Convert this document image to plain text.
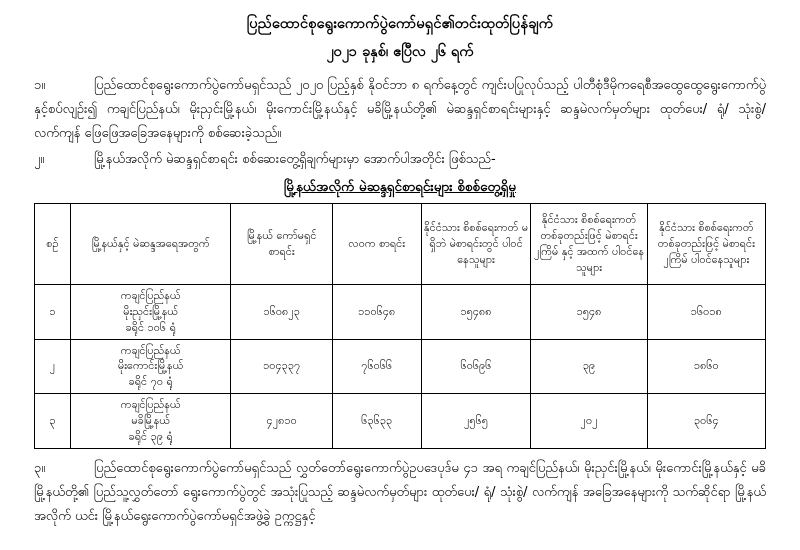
ပြည်ထောင်စုရွေးကောက်ပွဲကော်မရှင်၏တင်းထုတ်ပြန်ချက်
၂၀၂၁ ခုနှစ်၊ ဧပြီလ ၂၆ ရက်

၁။	ပြည်ထောင်စုရွေးကောက်ပွဲကော်မရှင်သည် ၂၀၂၀ ပြည့်နှစ် နိုဝင်ဘာ ၈ ရက်နေ့တွင် ကျင်းပပြုလုပ်သည့် ပါတီစုံဒီမိုကရေစီအထွေထွေရွေးကောက်ပွဲနှင့်စပ်လျဉ်း၍ ကချင်ပြည်နယ်၊ မိုးညှင်းမြို့နယ်၊ မိုးကောင်းမြို့နယ်နှင့် မခိမြို့နယ်တို့၏ မဲဆန္ဒရှင်စာရင်းများနှင့် ဆန္ဒမဲလက်မှတ်များ ထုတ်ပေး/ ရုံ/ သုံးစွဲ/ လက်ကျန် ဖြေဖြေအခြေအနေများကို စစ်ဆေးခဲ့သည်။

၂။	မြို့နယ်အလိုက် မဲဆန္ဒရှင်စာရင်း စစ်ဆေးတွေ့ရှိချက်များမှာ အောက်ပါအတိုင်း ဖြစ်သည်-

မြို့နယ်အလိုက် မဲဆန္ဒရှင်စာရင်းများ စိစစ်တွေ့ရှိမှု
စဉ်	မြို့နယ်နှင့် မဲဆန္ဒအရေအတွက်	မြို့နယ် ကော်မရှင် စာရင်း	လဝက စာရင်း	နိုင်ငံသား စိစစ်ရေးကတ် မရှိဘဲ မဲစာရင်းတွင် ပါဝင်နေသူများ	နိုင်ငံသား စိစစ်ရေးကတ် တစ်ခုတည်းဖြင့် မဲစာရင်း ၂ကြိမ် နှင့် အထက် ပါဝင်နေသူများ	နိုင်ငံသား စိစစ်ရေးကတ် တစ်ခုတည်းဖြင့် မဲစာရင်း ၂ကြိမ် ပါဝင်နေသူများ
၁	ကချင်ပြည်နယ်
မိုးညှင်းမြို့နယ်
ခရိုင် ၁၀၆ ရုံ	၁၆၀၈၂၃	၁၁၀၆၄၈	၁၅၄၈၈	၁၅၄၈	၁၆၀၁၈
၂	ကချင်ပြည်နယ်
မိုးကောင်းမြို့နယ်
ခရိုင် ၇၀ ရုံ	၁၀၄၃၃၇	၇၆၀၆၆	၆၀၆၉၆	၃၉	၁၈၆၀
၃	ကချင်ပြည်နယ်
မခိမြို့နယ်
ခရိုင် ၃၉ ရုံ	၄၂၈၁၀	၆၃၆၃၃	၂၅၆၅	၂၀၂	၃၀၆၄

၃။	ပြည်ထောင်စုရွေးကောက်ပွဲကော်မရှင်သည် လွှတ်တော်ရွေးကောက်ပွဲဥပဒေပုဒ်မ ၄၁ အရ ကချင်ပြည်နယ်၊ မိုးညှင်းမြို့နယ်၊ မိုးကောင်းမြို့နယ်နှင့် မခိမြို့နယ်တို့၏ ပြည်သူ့လွှတ်တော် ရွေးကောက်ပွဲတွင် အသုံးပြုသည့် ဆန္ဒမဲလက်မှတ်များ ထုတ်ပေး/ ရုံ/ သုံးစွဲ/ လက်ကျန် အခြေအနေများကို သက်ဆိုင်ရာ မြို့နယ်အလိုက် ယင်း မြို့နယ်ရွေးကောက်ပွဲကော်မရှင်အဖွဲ့ခွဲ ဥက္ကဋ္ဌနှင့်
